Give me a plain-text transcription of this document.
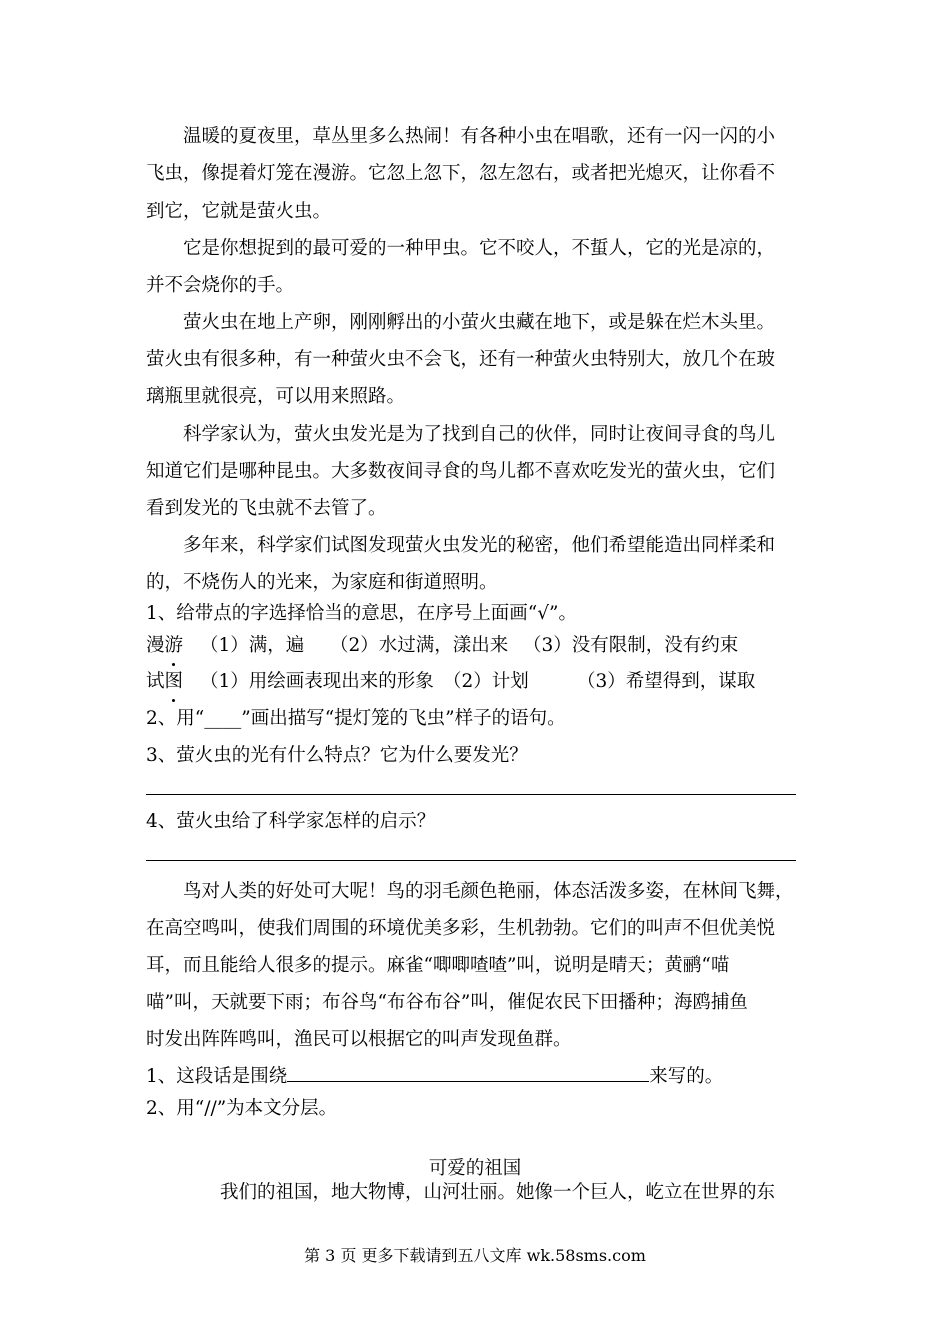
温暖的夏夜里，草丛里多么热闹！有各种小虫在唱歌，还有一闪一闪的小
飞虫，像提着灯笼在漫游。它忽上忽下，忽左忽右，或者把光熄灭，让你看不
到它，它就是萤火虫。
它是你想捉到的最可爱的一种甲虫。它不咬人，不蜇人，它的光是凉的，
并不会烧你的手。
萤火虫在地上产卵，刚刚孵出的小萤火虫藏在地下，或是躲在烂木头里。
萤火虫有很多种，有一种萤火虫不会飞，还有一种萤火虫特别大，放几个在玻
璃瓶里就很亮，可以用来照路。
科学家认为，萤火虫发光是为了找到自己的伙伴，同时让夜间寻食的鸟儿
知道它们是哪种昆虫。大多数夜间寻食的鸟儿都不喜欢吃发光的萤火虫，它们
看到发光的飞虫就不去管了。
多年来，科学家们试图发现萤火虫发光的秘密，他们希望能造出同样柔和
的，不烧伤人的光来，为家庭和街道照明。
1、给带点的字选择恰当的意思，在序号上面画“√”。
漫游 （1）满，遍 （2）水过满，漾出来 （3）没有限制，没有约束
试图 （1）用绘画表现出来的形象 （2）计划	（3）希望得到，谋取
2、用“____”画出描写“提灯笼的飞虫”样子的语句。
3、萤火虫的光有什么特点？它为什么要发光？
4、萤火虫给了科学家怎样的启示？
鸟对人类的好处可大呢！鸟的羽毛颜色艳丽，体态活泼多姿，在林间飞舞，
在高空鸣叫，使我们周围的环境优美多彩，生机勃勃。它们的叫声不但优美悦
耳，而且能给人很多的提示。麻雀“唧唧喳喳”叫，说明是晴天；黄鹂“喵
喵”叫，天就要下雨；布谷鸟“布谷布谷”叫，催促农民下田播种；海鸥捕鱼
时发出阵阵鸣叫，渔民可以根据它的叫声发现鱼群。
1、这段话是围绕	来写的。
2、用“//”为本文分层。
可爱的祖国
我们的祖国，地大物博，山河壮丽。她像一个巨人，屹立在世界的东
第 3 页 更多下载请到五八文库 wk.58sms.com
